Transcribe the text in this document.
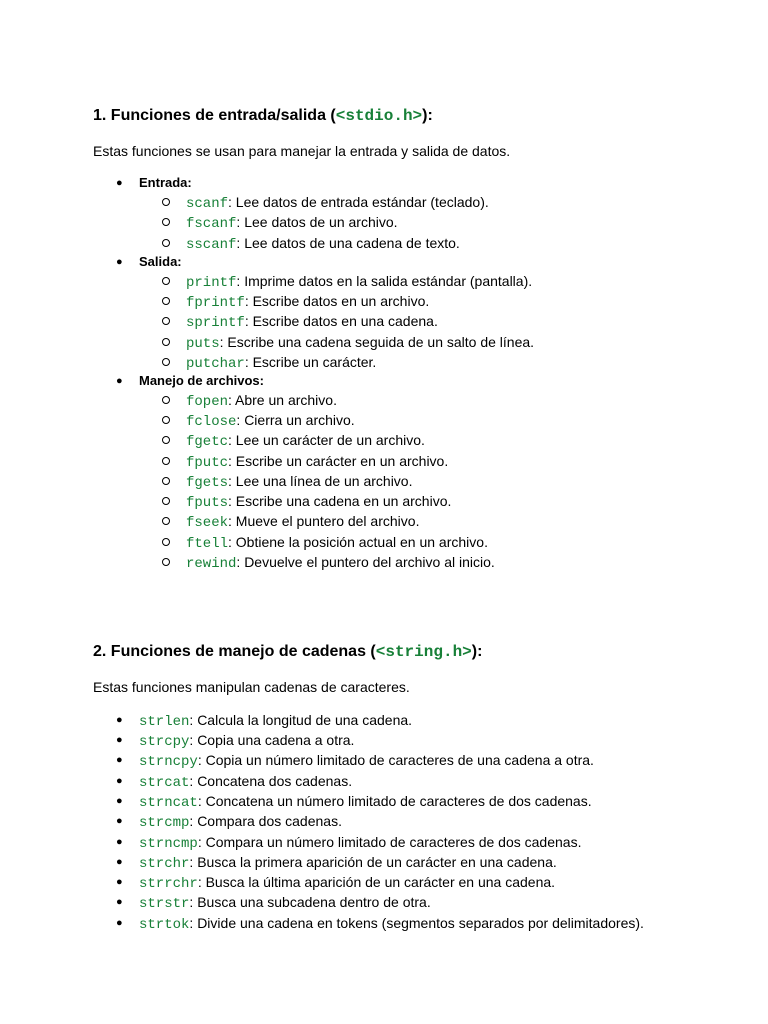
1. Funciones de entrada/salida (<stdio.h>):

Estas funciones se usan para manejar la entrada y salida de datos.

● Entrada:
scanf: Lee datos de entrada estándar (teclado).
fscanf: Lee datos de un archivo.
sscanf: Lee datos de una cadena de texto.
● Salida:
printf: Imprime datos en la salida estándar (pantalla).
fprintf: Escribe datos en un archivo.
sprintf: Escribe datos en una cadena.
puts: Escribe una cadena seguida de un salto de línea.
putchar: Escribe un carácter.
● Manejo de archivos:
fopen: Abre un archivo.
fclose: Cierra un archivo.
fgetc: Lee un carácter de un archivo.
fputc: Escribe un carácter en un archivo.
fgets: Lee una línea de un archivo.
fputs: Escribe una cadena en un archivo.
fseek: Mueve el puntero del archivo.
ftell: Obtiene la posición actual en un archivo.
rewind: Devuelve el puntero del archivo al inicio.
2. Funciones de manejo de cadenas (<string.h>):

Estas funciones manipulan cadenas de caracteres.

● strlen: Calcula la longitud de una cadena.
● strcpy: Copia una cadena a otra.
● strncpy: Copia un número limitado de caracteres de una cadena a otra.
● strcat: Concatena dos cadenas.
● strncat: Concatena un número limitado de caracteres de dos cadenas.
● strcmp: Compara dos cadenas.
● strncmp: Compara un número limitado de caracteres de dos cadenas.
● strchr: Busca la primera aparición de un carácter en una cadena.
● strrchr: Busca la última aparición de un carácter en una cadena.
● strstr: Busca una subcadena dentro de otra.
● strtok: Divide una cadena en tokens (segmentos separados por delimitadores).
